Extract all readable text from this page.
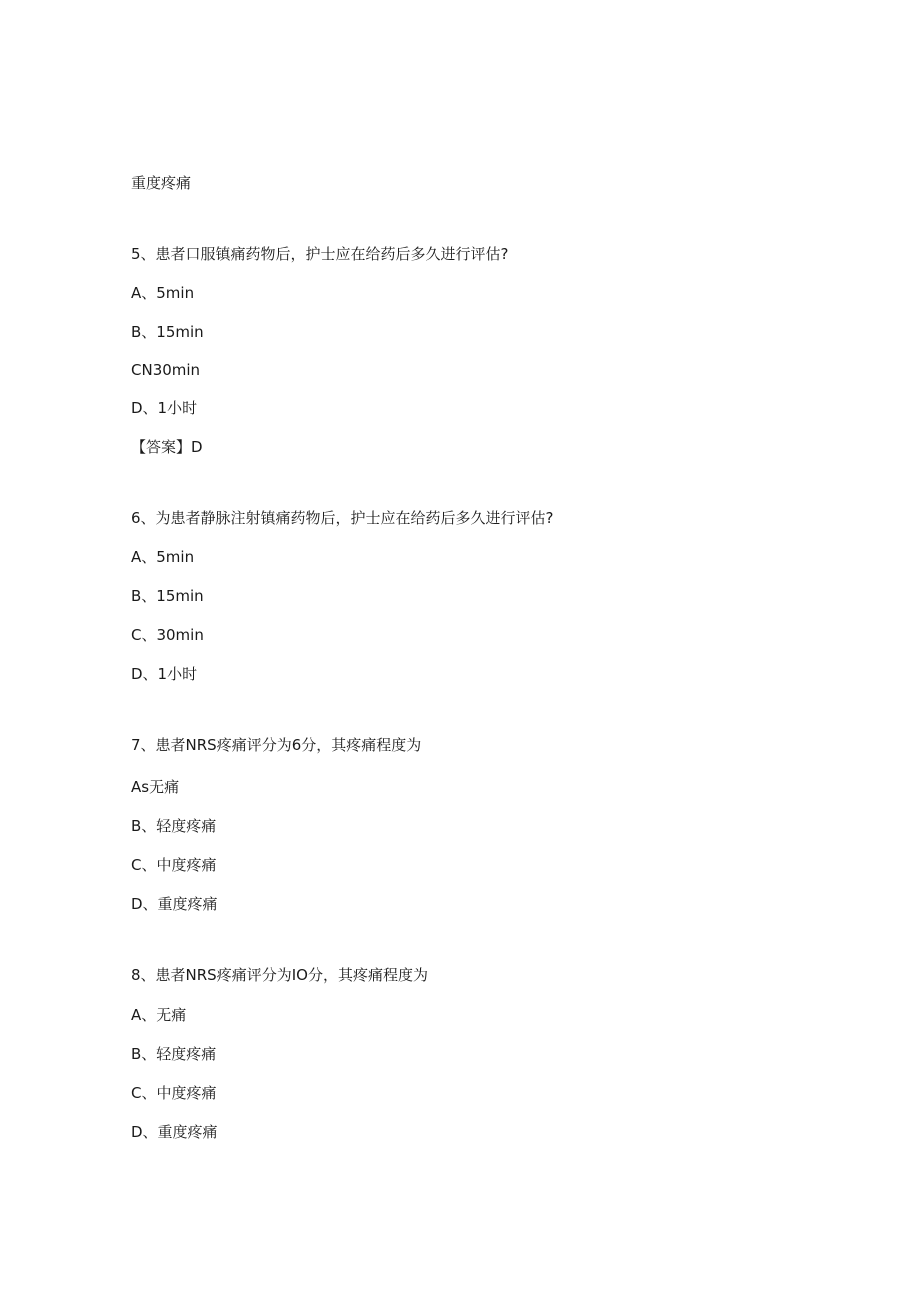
重度疼痛
5、患者口服镇痛药物后，护士应在给药后多久进行评估?
A、5min
B、15min
CN30min
D、1小时
【答案】D
6、为患者静脉注射镇痛药物后，护士应在给药后多久进行评估?
A、5min
B、15min
C、30min
D、1小时
7、患者NRS疼痛评分为6分，其疼痛程度为
As无痛
B、轻度疼痛
C、中度疼痛
D、重度疼痛
8、患者NRS疼痛评分为IO分，其疼痛程度为
A、无痛
B、轻度疼痛
C、中度疼痛
D、重度疼痛
